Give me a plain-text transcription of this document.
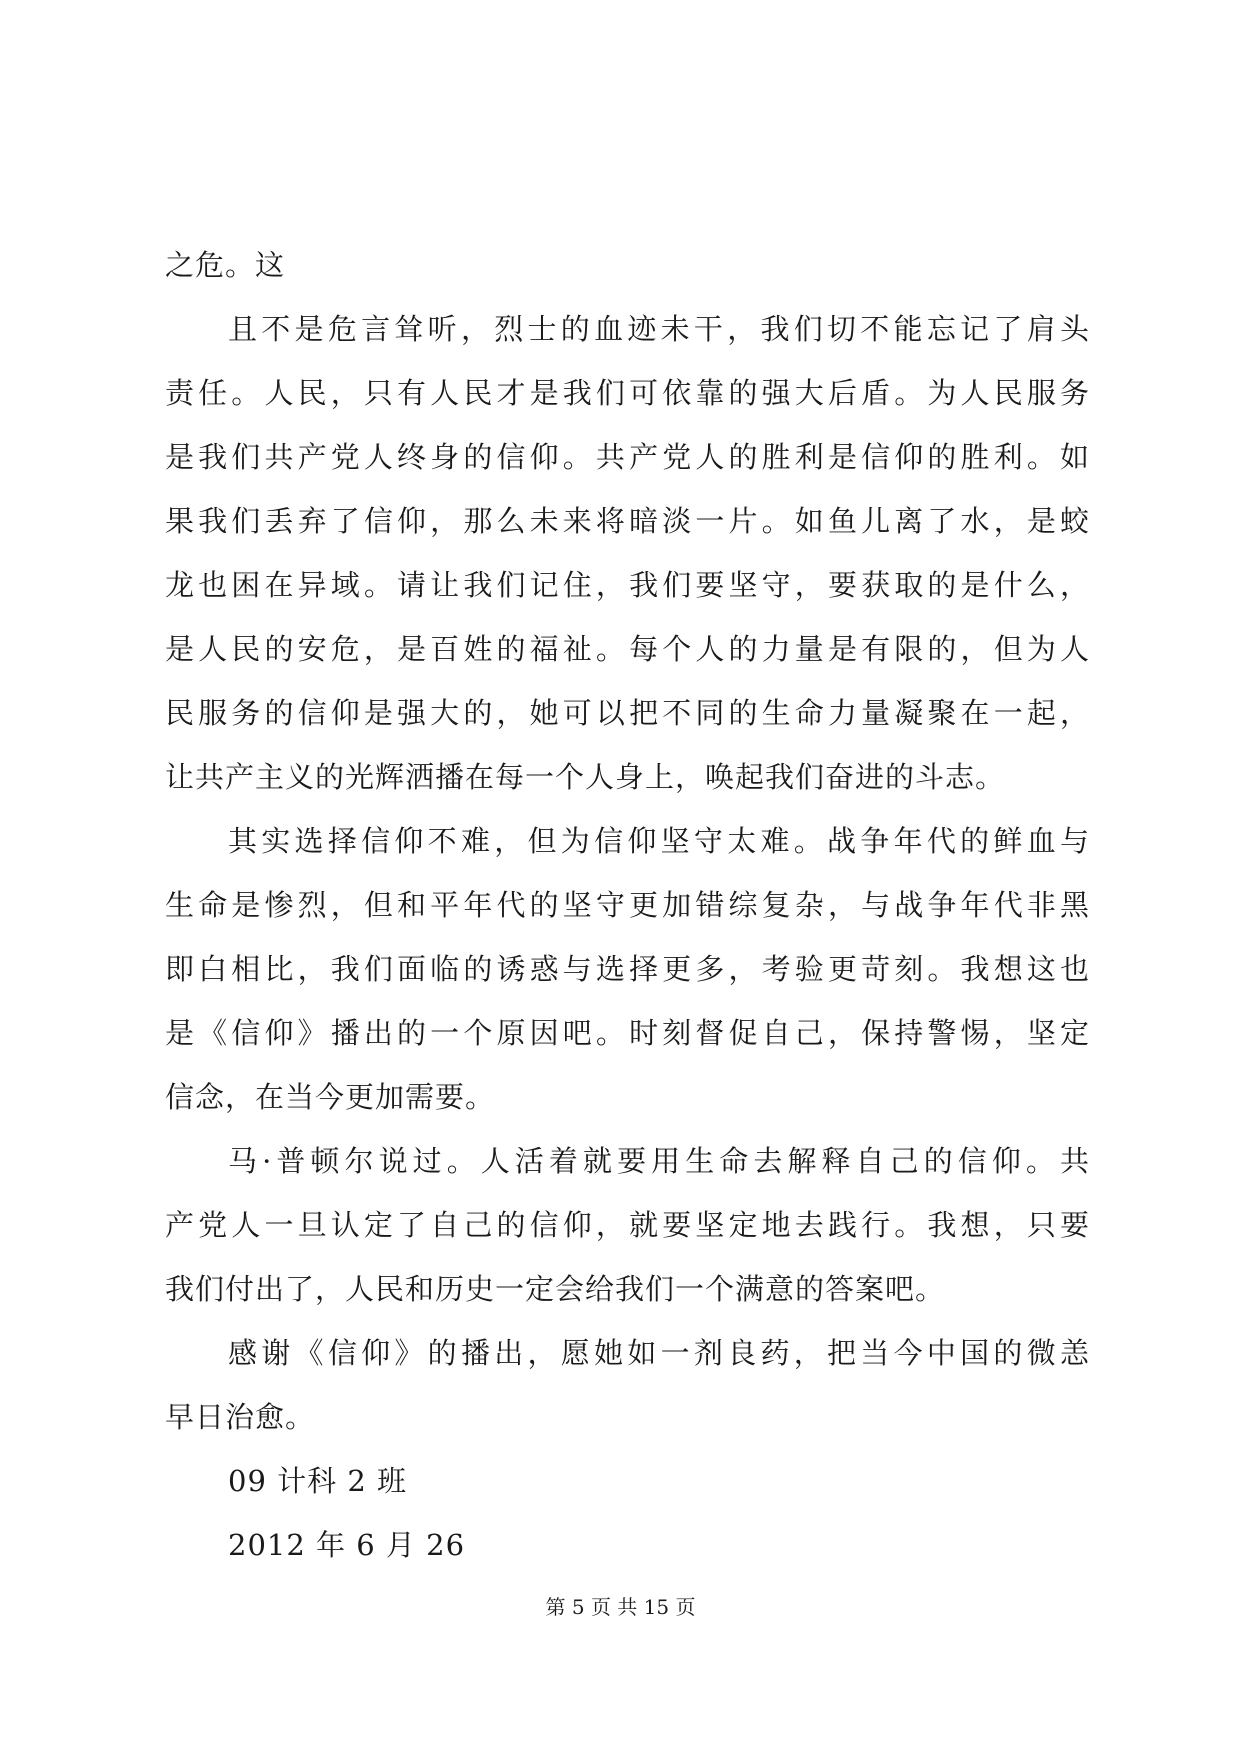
之危。这
且不是危言耸听，烈士的血迹未干，我们切不能忘记了肩头
责任。人民，只有人民才是我们可依靠的强大后盾。为人民服务
是我们共产党人终身的信仰。共产党人的胜利是信仰的胜利。如
果我们丢弃了信仰，那么未来将暗淡一片。如鱼儿离了水，是蛟
龙也困在异域。请让我们记住，我们要坚守，要获取的是什么，
是人民的安危，是百姓的福祉。每个人的力量是有限的，但为人
民服务的信仰是强大的，她可以把不同的生命力量凝聚在一起，
让共产主义的光辉洒播在每一个人身上，唤起我们奋进的斗志。
其实选择信仰不难，但为信仰坚守太难。战争年代的鲜血与
生命是惨烈，但和平年代的坚守更加错综复杂，与战争年代非黑
即白相比，我们面临的诱惑与选择更多，考验更苛刻。我想这也
是《信仰》播出的一个原因吧。时刻督促自己，保持警惕，坚定
信念，在当今更加需要。
马·普顿尔说过。人活着就要用生命去解释自己的信仰。共
产党人一旦认定了自己的信仰，就要坚定地去践行。我想，只要
我们付出了，人民和历史一定会给我们一个满意的答案吧。
感谢《信仰》的播出，愿她如一剂良药，把当今中国的微恙
早日治愈。
09 计科 2 班
2012 年 6 月 26
第 5 页 共 15 页
